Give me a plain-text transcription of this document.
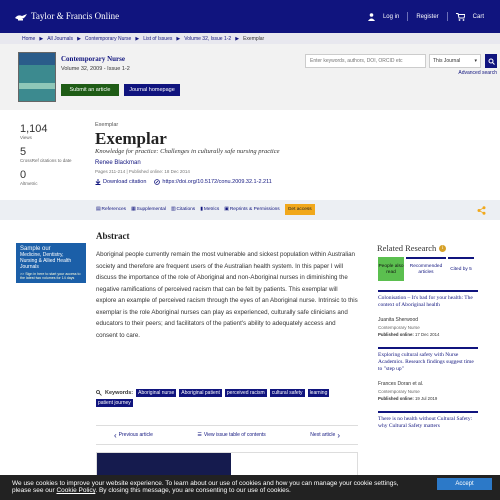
Taylor & Francis Online	Log in	Register	Cart
Home ▶ All Journals ▶ Contemporary Nurse ▶ List of Issues ▶ Volume 32, Issue 1-2 ▶ Exemplar
Contemporary Nurse
Volume 32, 2009 - Issue 1-2
Submit an article	Journal homepage
Enter keywords, authors, DOI, ORCID etc
This Journal	▾
Advanced search
1,104
Views
5
CrossRef citations to date
0
Altmetric
Exemplar
Exemplar
Knowledge for practice: Challenges in culturally safe nursing practice
Renee Blackman
Pages 211-214 | Published online: 18 Dec 2014
Download citation	https://doi.org/10.5172/conu.2009.32.1-2.211
▤ References ▦ Supplemental ▥ Citations ▮ Metrics ▣ Reprints & Permissions	Get access
Sample our
Medicine, Dentistry, Nursing & Allied Health Journals
>> Sign in here to start your access to the latest two volumes for 14 days
Abstract
Aboriginal people currently remain the most vulnerable and sickest population within Australian society and therefore are frequent users of the Australian health system. In this paper I will discuss the importance of the role of Aboriginal and non-Aboriginal nurses in diminishing the negative ramifications of perceived racism that can be felt by patients. This exemplar will explore an example of perceived racism through the eyes of an Aboriginal nurse. Intrinsic to this exemplar is the role Aboriginal nurses can play as experienced, culturally safe clinicians and educators to their peers; and facilitators of the patient's ability to adequately access and consent to care.
Keywords:	Aboriginal nurse	Aboriginal patient	perceived racism	cultural safety	learning
patient journey
‹ Previous article	☰ View issue table of contents	Next article ›
Related Research	i
People also read
Recommended articles
Cited by 5
Colonisation – It's bad for your health: The context of Aboriginal health
Juanita Sherwood
Contemporary Nurse
Published online: 17 Dec 2014
Exploring cultural safety with Nurse Academics. Research findings suggest time to "step up"
Frances Doran et al.
Contemporary Nurse
Published online: 19 Jul 2019
There is no health without Cultural Safety: why Cultural Safety matters
We use cookies to improve your website experience. To learn about our use of cookies and how you can manage your cookie settings,
please see our Cookie Policy. By closing this message, you are consenting to our use of cookies.
Accept
